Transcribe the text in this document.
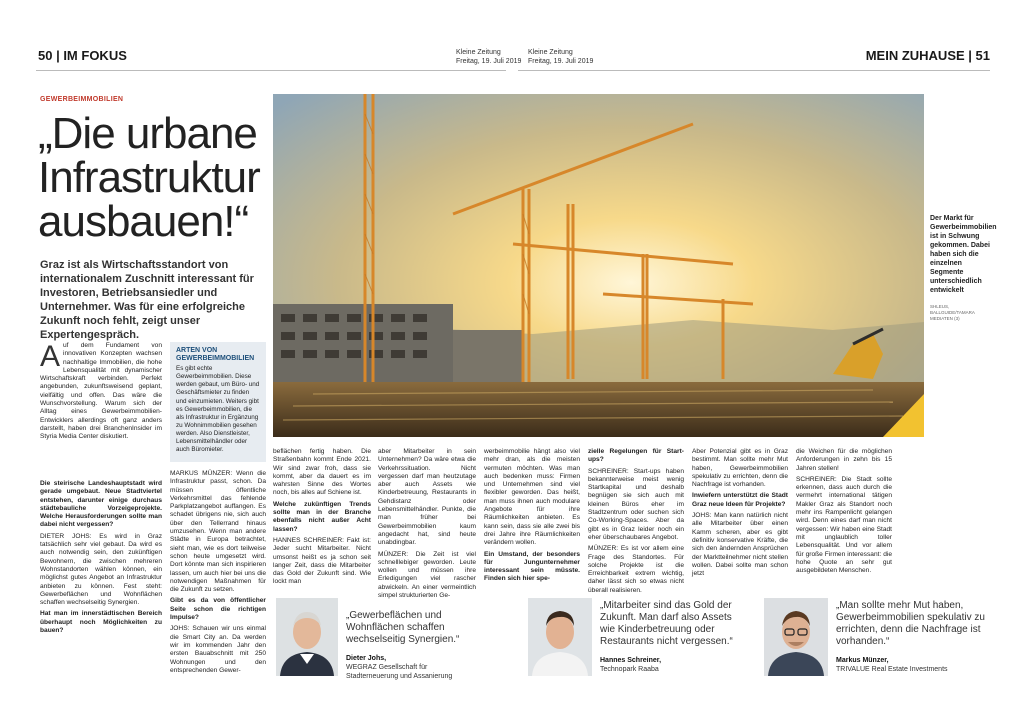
50 | IM FOKUS	Kleine Zeitung
Freitag, 19. Juli 2019
Kleine Zeitung
Freitag, 19. Juli 2019	MEIN ZUHAUSE | 51
GEWERBEIMMOBILIEN
„Die urbane Infrastruktur ausbauen!“
Graz ist als Wirtschaftsstandort von internationalem Zuschnitt interessant für Investoren, Betriebsansiedler und Unternehmer. Was für eine erfolgreiche Zukunft noch fehlt, zeigt unser Expertengespräch.
Der Markt für Gewerbeimmobilien ist in Schwung gekommen. Dabei haben sich die einzelnen Segmente unterschiedlich entwickelt
SHLEUS, BALLGUIDE/TAMARA MEDIATEN (3)
A uf dem Fundament von innovativen Konzepten wachsen nachhaltige Immobilien, die hohe Lebensqualität mit dynamischer Wirtschaftskraft verbinden. Perfekt angebunden, zukunftsweisend geplant, vielfältig und offen. Das wäre die Wunschvorstellung. Warum sich der Alltag eines Gewerbeimmobilien-Entwicklers allerdings oft ganz anders darstellt, haben drei BranchenInsider im Styria Media Center diskutiert.

ARTEN VON GEWERBEIMMOBILIEN
Es gibt echte Gewerbeimmobilien. Diese werden gebaut, um Büro- und Geschäftsmieter zu finden und einzumieten. Weiters gibt es Gewerbeimmobilien, die als Infrastruktur in Ergänzung zu Wohnimmobilien gesehen werden. Also Dienstleister, Lebensmittelhändler oder auch Büromieter.

Die steirische Landeshauptstadt wird gerade umgebaut. Neue Stadtviertel entstehen, darunter einige durchaus städtebauliche Vorzeigeprojekte. Welche Herausforderungen sollte man dabei nicht vergessen?

DIETER JOHS: Es wird in Graz tatsächlich sehr viel gebaut. Da wird es auch notwendig sein, den zukünftigen Bewohnern, die zwischen mehreren Wohnstandorten wählen können, ein möglichst gutes Angebot an Infrastruktur anbieten zu können. Fest steht: Gewerbeflächen und Wohnflächen schaffen wechselseitig Synergien.

Hat man im innerstädtischen Bereich überhaupt noch Möglichkeiten zu bauen?

MARKUS MÜNZER: Wenn die Infrastruktur passt, schon. Da müssen öffentliche Verkehrsmittel das fehlende Parkplatzangebot auffangen. Es schadet übrigens nie, sich auch über den Tellerrand hinaus umzusehen. Wenn man andere Städte in Europa betrachtet, sieht man, wie es dort teilweise schon heute umgesetzt wird. Dort könnte man sich inspirieren lassen, um auch hier bei uns die notwendigen Maßnahmen für die Zukunft zu setzen.

Gibt es da von öffentlicher Seite schon die richtigen Impulse?

JOHS: Schauen wir uns einmal die Smart City an. Da werden wir im kommenden Jahr den ersten Bauabschnitt mit 250 Wohnungen und den entsprechenden Gewer-

beflächen fertig haben. Die Straßenbahn kommt Ende 2021. Wir sind zwar froh, dass sie kommt, aber da dauert es im wahrsten Sinne des Wortes noch, bis alles auf Schiene ist.

Welche zukünftigen Trends sollte man in der Branche ebenfalls nicht außer Acht lassen?

HANNES SCHREINER: Fakt ist: Jeder sucht Mitarbeiter. Nicht umsonst heißt es ja schon seit langer Zeit, dass die Mitarbeiter das Gold der Zukunft sind. Wie lockt man

aber Mitarbeiter in sein Unternehmen? Da wäre etwa die Verkehrssituation. Nicht vergessen darf man heutzutage aber auch Assets wie Kinderbetreuung, Restaurants in Gehdistanz oder Lebensmittelhändler. Punkte, die man früher bei Gewerbeimmobilien kaum angedacht hat, sind heute unabdingbar.

MÜNZER: Die Zeit ist viel schnelllebiger geworden. Leute wollen und müssen ihre Erledigungen viel rascher abwickeln. An einer vermeintlich simpel strukturierten Ge-

werbeimmobilie hängt also viel mehr dran, als die meisten vermuten möchten. Was man auch bedenken muss: Firmen und Unternehmen sind viel flexibler geworden. Das heißt, man muss ihnen auch modulare Angebote für ihre Räumlichkeiten anbieten. Es kann sein, dass sie alle zwei bis drei Jahre ihre Räumlichkeiten verändern wollen.

Ein Umstand, der besonders für Jungunternehmer interessant sein müsste. Finden sich hier spe-

zielle Regelungen für Start-ups?

SCHREINER: Start-ups haben bekannterweise meist wenig Startkapital und deshalb begnügen sie sich auch mit kleinen Büros eher im Stadtzentrum oder suchen sich Co-Working-Spaces. Aber da gibt es in Graz leider noch ein eher überschaubares Angebot.

MÜNZER: Es ist vor allem eine Frage des Standortes. Für solche Projekte ist die Erreichbarkeit extrem wichtig, daher lässt sich so etwas nicht überall realisieren.

Aber Potenzial gibt es in Graz bestimmt. Man sollte mehr Mut haben, Gewerbeimmobilien spekulativ zu errichten, denn die Nachfrage ist vorhanden.

Inwiefern unterstützt die Stadt Graz neue Ideen für Projekte?

JOHS: Man kann natürlich nicht alle Mitarbeiter über einen Kamm scheren, aber es gibt definitiv konservative Kräfte, die sich den ändernden Ansprüchen der Marktteilnehmer nicht stellen wollen. Dabei sollte man schon jetzt

die Weichen für die möglichen Anforderungen in zehn bis 15 Jahren stellen!

SCHREINER: Die Stadt sollte erkennen, dass auch durch die vermehrt international tätigen Makler Graz als Standort noch mehr ins Rampenlicht gelangen wird. Denn eines darf man nicht vergessen: Wir haben eine Stadt mit unglaublich toller Lebensqualität. Und vor allem für große Firmen interessant: die hohe Quote an sehr gut ausgebildeten Menschen.

„Gewerbeflächen und Wohnflächen schaffen wechselseitig Synergien.“
Dieter Johs,
WEGRAZ Gesellschaft für Stadterneuerung und Assanierung
„Mitarbeiter sind das Gold der Zukunft. Man darf also Assets wie Kinderbetreuung oder Restaurants nicht vergessen.“
Hannes Schreiner,
Technopark Raaba
„Man sollte mehr Mut haben, Gewerbeimmobilien spekulativ zu errichten, denn die Nachfrage ist vorhanden.“
Markus Münzer,
TRIVALUE Real Estate Investments
